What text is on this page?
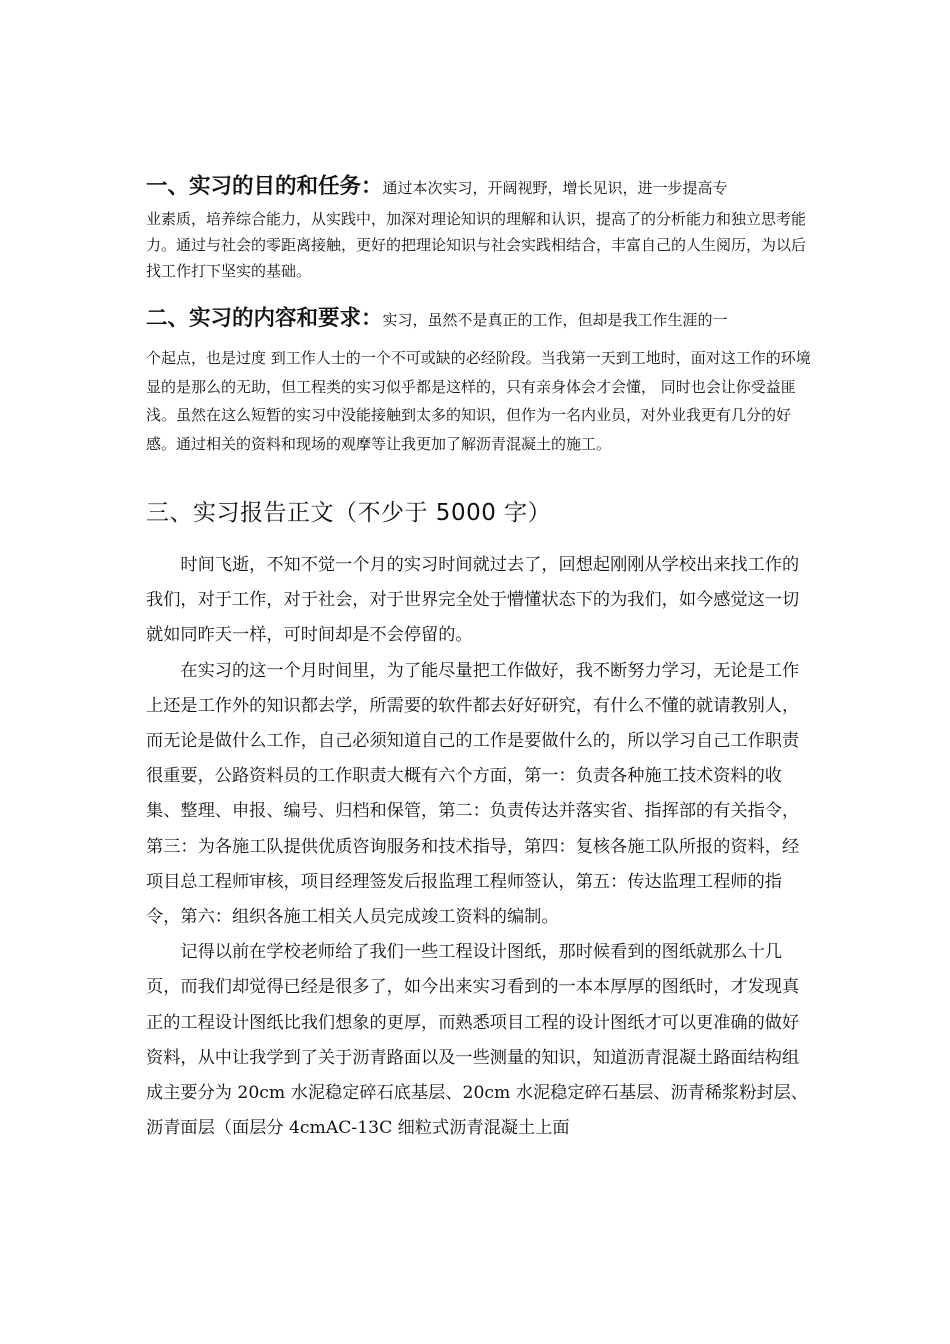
一、实习的目的和任务：通过本次实习，开阔视野，增长见识，进一步提高专
业素质，培养综合能力，从实践中，加深对理论知识的理解和认识，提高了的分析能力和独立思考能力。通过与社会的零距离接触，更好的把理论知识与社会实践相结合，丰富自己的人生阅历，为以后找工作打下坚实的基础。
二、实习的内容和要求：实习，虽然不是真正的工作，但却是我工作生涯的一
个起点，也是过度 到工作人士的一个不可或缺的必经阶段。当我第一天到工地时，面对这工作的环境显的是那么的无助，但工程类的实习似乎都是这样的，只有亲身体会才会懂， 同时也会让你受益匪浅。虽然在这么短暂的实习中没能接触到太多的知识，但作为一名内业员，对外业我更有几分的好感。通过相关的资料和现场的观摩等让我更加了解沥青混凝土的施工。
三、实习报告正文（不少于 5000 字）

时间飞逝，不知不觉一个月的实习时间就过去了，回想起刚刚从学校出来找工作的我们，对于工作，对于社会，对于世界完全处于懵懂状态下的为我们，如今感觉这一切就如同昨天一样，可时间却是不会停留的。

在实习的这一个月时间里，为了能尽量把工作做好，我不断努力学习，无论是工作上还是工作外的知识都去学，所需要的软件都去好好研究，有什么不懂的就请教别人，而无论是做什么工作，自己必须知道自己的工作是要做什么的，所以学习自己工作职责很重要，公路资料员的工作职责大概有六个方面，第一：负责各种施工技术资料的收集、整理、申报、编号、归档和保管，第二：负责传达并落实省、指挥部的有关指令，第三：为各施工队提供优质咨询服务和技术指导，第四：复核各施工队所报的资料，经项目总工程师审核，项目经理签发后报监理工程师签认，第五：传达监理工程师的指令，第六：组织各施工相关人员完成竣工资料的编制。

记得以前在学校老师给了我们一些工程设计图纸，那时候看到的图纸就那么十几页，而我们却觉得已经是很多了，如今出来实习看到的一本本厚厚的图纸时，才发现真正的工程设计图纸比我们想象的更厚，而熟悉项目工程的设计图纸才可以更准确的做好资料，从中让我学到了关于沥青路面以及一些测量的知识，知道沥青混凝土路面结构组成主要分为 20cm 水泥稳定碎石底基层、20cm 水泥稳定碎石基层、沥青稀浆粉封层、沥青面层（面层分 4cmAC-13C 细粒式沥青混凝土上面
